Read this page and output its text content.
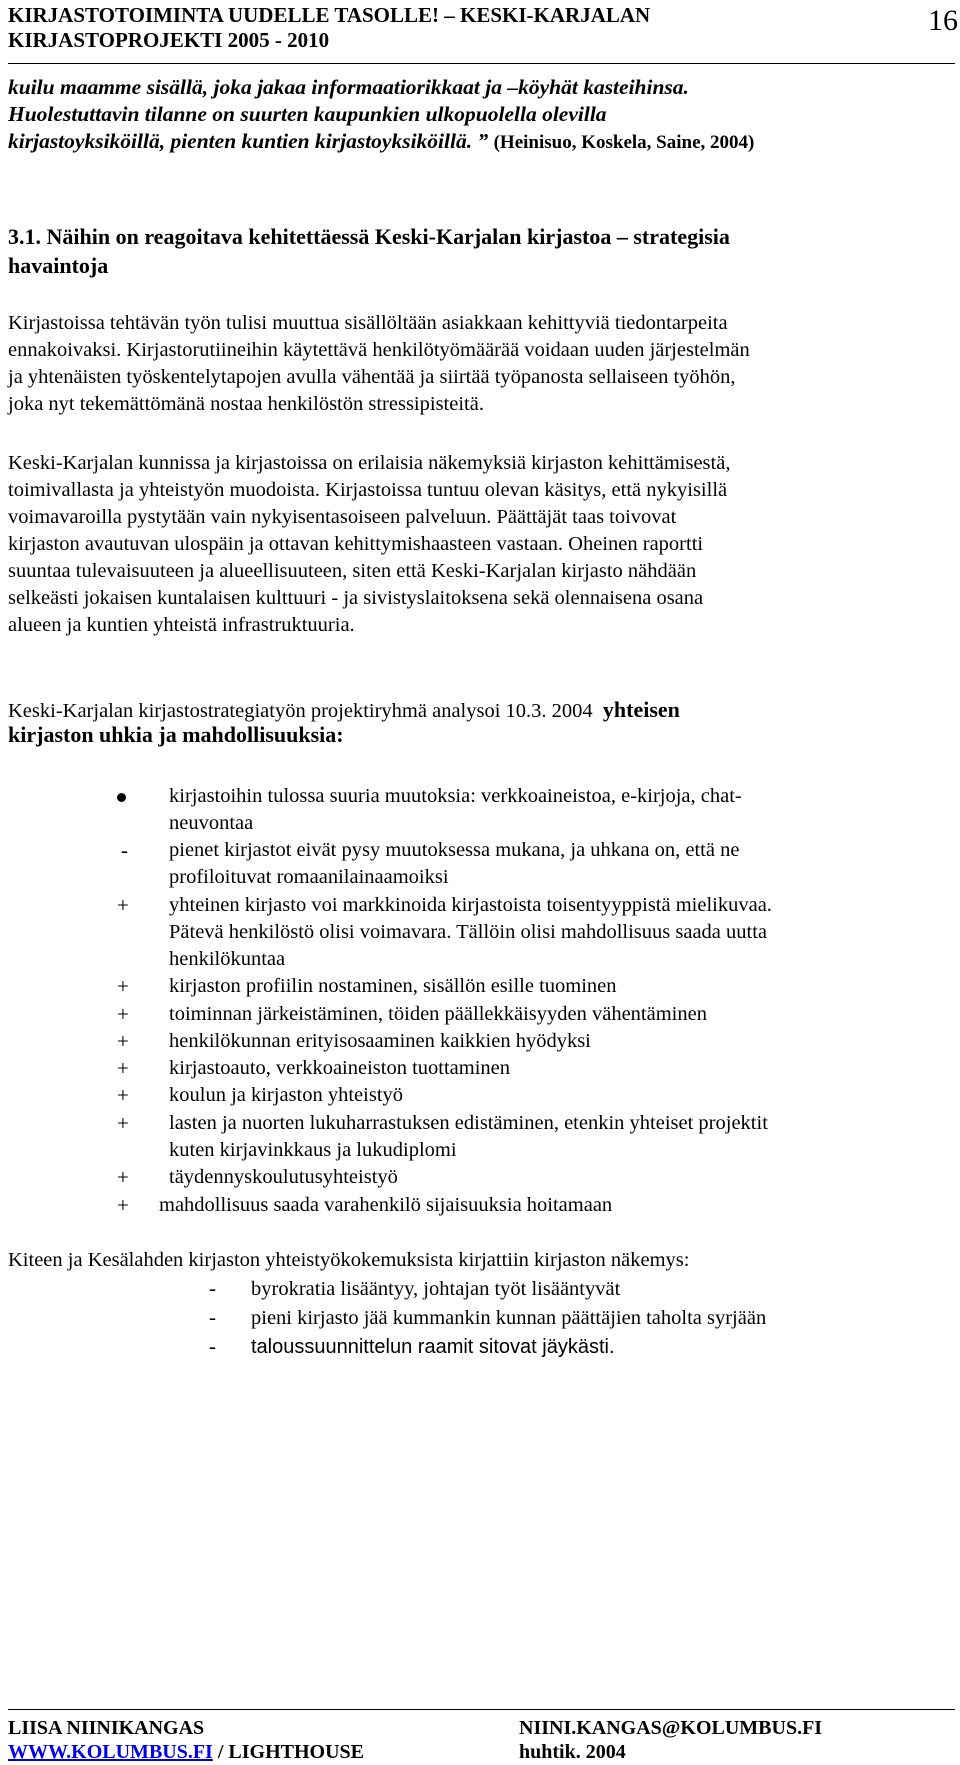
KIRJASTOTOIMINTA UUDELLE TASOLLE! – KESKI-KARJALAN
KIRJASTOPROJEKTI 2005 - 2010
16
kuilu maamme sisällä, joka jakaa informaatiorikkaat ja –köyhät kasteihinsa.
Huolestuttavin tilanne on suurten kaupunkien ulkopuolella olevilla
kirjastoyksiköillä, pienten kuntien kirjastoyksiköillä. ” (Heinisuo, Koskela, Saine, 2004)
3.1. Näihin on reagoitava kehitettäessä Keski-Karjalan kirjastoa – strategisia
havaintoja
Kirjastoissa tehtävän työn tulisi muuttua sisällöltään asiakkaan kehittyviä tiedontarpeita
ennakoivaksi. Kirjastorutiineihin käytettävä henkilötyömäärää voidaan uuden järjestelmän
ja yhtenäisten työskentelytapojen avulla vähentää ja siirtää työpanosta sellaiseen työhön,
joka nyt tekemättömänä nostaa henkilöstön stressipisteitä.
Keski-Karjalan kunnissa ja kirjastoissa on erilaisia näkemyksiä kirjaston kehittämisestä,
toimivallasta ja yhteistyön muodoista. Kirjastoissa tuntuu olevan käsitys, että nykyisillä
voimavaroilla pystytään vain nykyisentasoiseen palveluun. Päättäjät taas toivovat
kirjaston avautuvan ulospäin ja ottavan kehittymishaasteen vastaan. Oheinen raportti
suuntaa tulevaisuuteen ja alueellisuuteen, siten että Keski-Karjalan kirjasto nähdään
selkeästi jokaisen kuntalaisen kulttuuri - ja sivistyslaitoksena sekä olennaisena osana
alueen ja kuntien yhteistä infrastruktuuria.
Keski-Karjalan kirjastostrategiatyön projektiryhmä analysoi 10.3. 2004 yhteisen
kirjaston uhkia ja mahdollisuuksia:
kirjastoihin tulossa suuria muutoksia: verkkoaineistoa, e-kirjoja, chat-
neuvontaa
- pienet kirjastot eivät pysy muutoksessa mukana, ja uhkana on, että ne
profiloituvat romaanilainaamoiksi
+ yhteinen kirjasto voi markkinoida kirjastoista toisentyyppistä mielikuvaa.
Pätevä henkilöstö olisi voimavara. Tällöin olisi mahdollisuus saada uutta
henkilökuntaa
+ kirjaston profiilin nostaminen, sisällön esille tuominen
+ toiminnan järkeistäminen, töiden päällekkäisyyden vähentäminen
+ henkilökunnan erityisosaaminen kaikkien hyödyksi
+ kirjastoauto, verkkoaineiston tuottaminen
+ koulun ja kirjaston yhteistyö
+ lasten ja nuorten lukuharrastuksen edistäminen, etenkin yhteiset projektit
kuten kirjavinkkaus ja lukudiplomi
+ täydennyskoulutusyhteistyö
+ mahdollisuus saada varahenkilö sijaisuuksia hoitamaan
Kiteen ja Kesälahden kirjaston yhteistyökokemuksista kirjattiin kirjaston näkemys:
- byrokratia lisääntyy, johtajan työt lisääntyvät
- pieni kirjasto jää kummankin kunnan päättäjien taholta syrjään
- taloussuunnittelun raamit sitovat jäykästi.
LIISA NIINIKANGAS	NIINI.KANGAS@KOLUMBUS.FI
WWW.KOLUMBUS.FI / LIGHTHOUSE	huhtik. 2004
